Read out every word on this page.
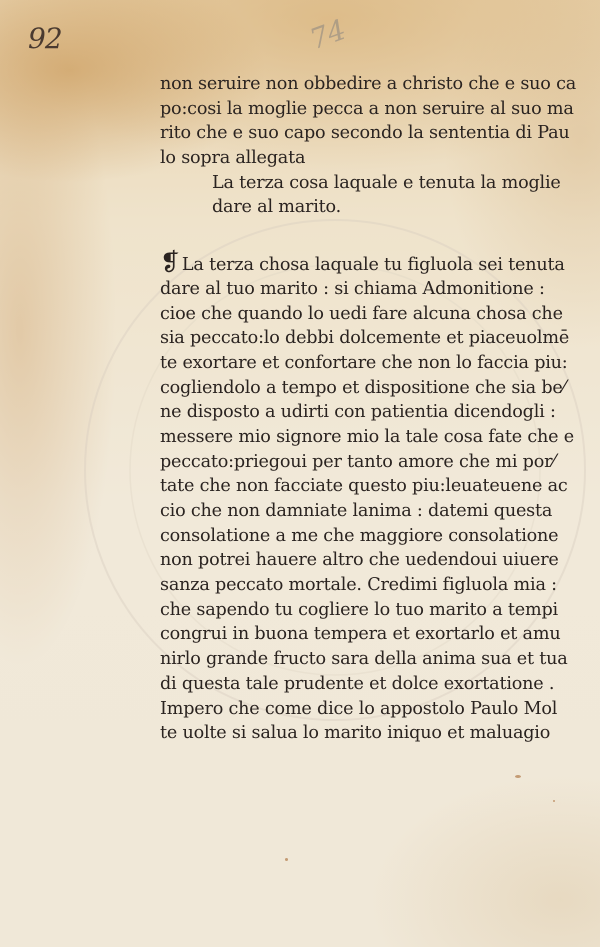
92	74
non seruire non obbedire a christo che e suo ca
po:cosi la moglie pecca a non seruire al suo ma
rito che e suo capo secondo la sententia di Pau
lo sopra allegata
La terza cosa laquale e tenuta la moglie
dare al marito.
❡ La terza chosa laquale tu figluola sei tenuta
dare al tuo marito : si chiama Admonitione :
cioe che quando lo uedi fare alcuna chosa che
sia peccato:lo debbi dolcemente et piaceuolmē
te exortare et confortare che non lo faccia piu:
cogliendolo a tempo et dispositione che sia be⁄
ne disposto a udirti con patientia dicendogli :
messere mio signore mio la tale cosa fate che e
peccato:priegoui per tanto amore che mi por⁄
tate che non facciate questo piu:leuateuene ac
cio che non damniate lanima : datemi questa
consolatione a me che maggiore consolatione
non potrei hauere altro che uedendoui uiuere
sanza peccato mortale. Credimi figluola mia :
che sapendo tu cogliere lo tuo marito a tempi
congrui in buona tempera et exortarlo et amu
nirlo grande fructo sara della anima sua et tua
di questa tale prudente et dolce exortatione .
Impero che come dice lo appostolo Paulo Mol
te uolte si salua lo marito iniquo et maluagio
